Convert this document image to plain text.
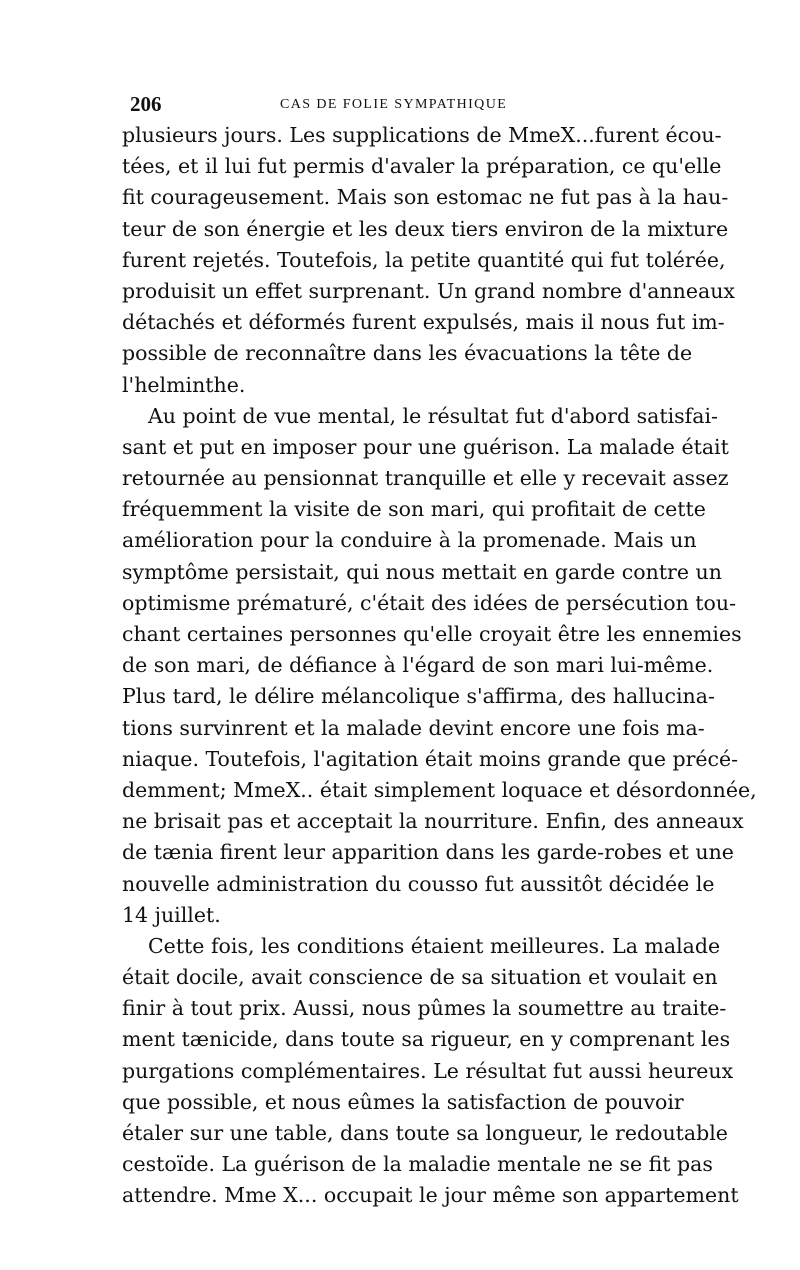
206	CAS DE FOLIE SYMPATHIQUE
plusieurs jours. Les supplications de MmeX...furent écou-
tées, et il lui fut permis d'avaler la préparation, ce qu'elle
fit courageusement. Mais son estomac ne fut pas à la hau-
teur de son énergie et les deux tiers environ de la mixture
furent rejetés. Toutefois, la petite quantité qui fut tolérée,
produisit un effet surprenant. Un grand nombre d'anneaux
détachés et déformés furent expulsés, mais il nous fut im-
possible de reconnaître dans les évacuations la tête de
l'helminthe.
Au point de vue mental, le résultat fut d'abord satisfai-
sant et put en imposer pour une guérison. La malade était
retournée au pensionnat tranquille et elle y recevait assez
fréquemment la visite de son mari, qui profitait de cette
amélioration pour la conduire à la promenade. Mais un
symptôme persistait, qui nous mettait en garde contre un
optimisme prématuré, c'était des idées de persécution tou-
chant certaines personnes qu'elle croyait être les ennemies
de son mari, de défiance à l'égard de son mari lui-même.
Plus tard, le délire mélancolique s'affirma, des hallucina-
tions survinrent et la malade devint encore une fois ma-
niaque. Toutefois, l'agitation était moins grande que précé-
demment; MmeX.. était simplement loquace et désordonnée,
ne brisait pas et acceptait la nourriture. Enfin, des anneaux
de tænia firent leur apparition dans les garde-robes et une
nouvelle administration du cousso fut aussitôt décidée le
14 juillet.
Cette fois, les conditions étaient meilleures. La malade
était docile, avait conscience de sa situation et voulait en
finir à tout prix. Aussi, nous pûmes la soumettre au traite-
ment tænicide, dans toute sa rigueur, en y comprenant les
purgations complémentaires. Le résultat fut aussi heureux
que possible, et nous eûmes la satisfaction de pouvoir
étaler sur une table, dans toute sa longueur, le redoutable
cestoïde. La guérison de la maladie mentale ne se fit pas
attendre. Mme X... occupait le jour même son appartement
